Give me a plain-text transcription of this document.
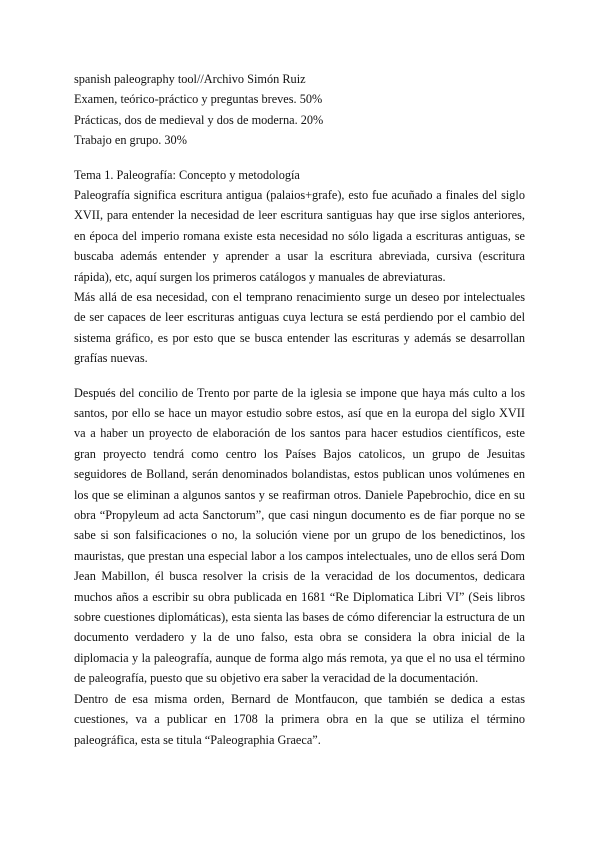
spanish paleography tool//Archivo Simón Ruiz
Examen, teórico-práctico y preguntas breves. 50%
Prácticas, dos de medieval y dos de moderna. 20%
Trabajo en grupo. 30%
Tema 1. Paleografía: Concepto y metodología

Paleografía significa escritura antigua (palaios+grafe), esto fue acuñado a finales del siglo XVII, para entender la necesidad de leer escritura santiguas hay que irse siglos anteriores, en época del imperio romana existe esta necesidad no sólo ligada a escrituras antiguas, se buscaba además entender y aprender a usar la escritura abreviada, cursiva (escritura rápida), etc, aquí surgen los primeros catálogos y manuales de abreviaturas.

Más allá de esa necesidad, con el temprano renacimiento surge un deseo por intelectuales de ser capaces de leer escrituras antiguas cuya lectura se está perdiendo por el cambio del sistema gráfico, es por esto que se busca entender las escrituras y además se desarrollan grafías nuevas.

Después del concilio de Trento por parte de la iglesia se impone que haya más culto a los santos, por ello se hace un mayor estudio sobre estos, así que en la europa del siglo XVII va a haber un proyecto de elaboración de los santos para hacer estudios científicos, este gran proyecto tendrá como centro los Países Bajos catolicos, un grupo de Jesuitas seguidores de Bolland, serán denominados bolandistas, estos publican unos volúmenes en los que se eliminan a algunos santos y se reafirman otros. Daniele Papebrochio, dice en su obra “Propyleum ad acta Sanctorum”, que casi ningun documento es de fiar porque no se sabe si son falsificaciones o no, la solución viene por un grupo de los benedictinos, los mauristas, que prestan una especial labor a los campos intelectuales, uno de ellos será Dom Jean Mabillon, él busca resolver la crisis de la veracidad de los documentos, dedicara muchos años a escribir su obra publicada en 1681 “Re Diplomatica Libri VI” (Seis libros sobre cuestiones diplomáticas), esta sienta las bases de cómo diferenciar la estructura de un documento verdadero y la de uno falso, esta obra se considera la obra inicial de la diplomacia y la paleografía, aunque de forma algo más remota, ya que el no usa el término de paleografía, puesto que su objetivo era saber la veracidad de la documentación.

Dentro de esa misma orden, Bernard de Montfaucon, que también se dedica a estas cuestiones, va a publicar en 1708 la primera obra en la que se utiliza el término paleográfica, esta se titula “Paleographia Graeca”.
